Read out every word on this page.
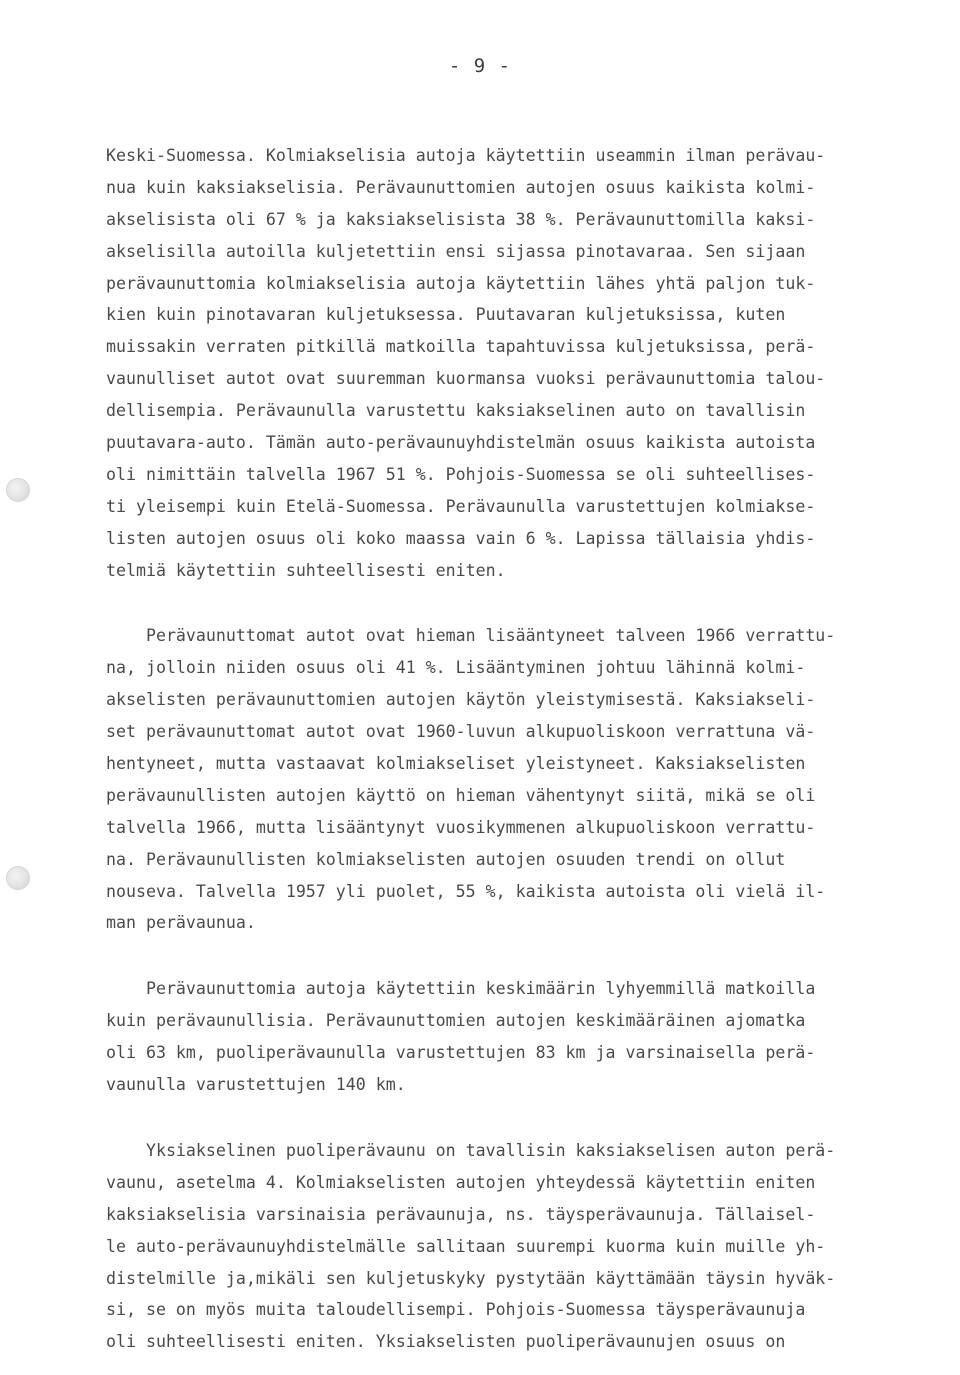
- 9 -
Keski-Suomessa. Kolmiakselisia autoja käytettiin useammin ilman perävau-
nua kuin kaksiakselisia. Perävaunuttomien autojen osuus kaikista kolmi-
akselisista oli 67 % ja kaksiakselisista 38 %. Perävaunuttomilla kaksi-
akselisilla autoilla kuljetettiin ensi sijassa pinotavaraa. Sen sijaan
perävaunuttomia kolmiakselisia autoja käytettiin lähes yhtä paljon tuk-
kien kuin pinotavaran kuljetuksessa. Puutavaran kuljetuksissa, kuten
muissakin verraten pitkillä matkoilla tapahtuvissa kuljetuksissa, perä-
vaunulliset autot ovat suuremman kuormansa vuoksi perävaunuttomia talou-
dellisempia. Perävaunulla varustettu kaksiakselinen auto on tavallisin
puutavara-auto. Tämän auto-perävaunuyhdistelmän osuus kaikista autoista
oli nimittäin talvella 1967 51 %. Pohjois-Suomessa se oli suhteellises-
ti yleisempi kuin Etelä-Suomessa. Perävaunulla varustettujen kolmiakse-
listen autojen osuus oli koko maassa vain 6 %. Lapissa tällaisia yhdis-
telmiä käytettiin suhteellisesti eniten.
Perävaunuttomat autot ovat hieman lisääntyneet talveen 1966 verrattu-
na, jolloin niiden osuus oli 41 %. Lisääntyminen johtuu lähinnä kolmi-
akselisten perävaunuttomien autojen käytön yleistymisestä. Kaksiakseli-
set perävaunuttomat autot ovat 1960-luvun alkupuoliskoon verrattuna vä-
hentyneet, mutta vastaavat kolmiakseliset yleistyneet. Kaksiakselisten
perävaunullisten autojen käyttö on hieman vähentynyt siitä, mikä se oli
talvella 1966, mutta lisääntynyt vuosikymmenen alkupuoliskoon verrattu-
na. Perävaunullisten kolmiakselisten autojen osuuden trendi on ollut
nouseva. Talvella 1957 yli puolet, 55 %, kaikista autoista oli vielä il-
man perävaunua.
Perävaunuttomia autoja käytettiin keskimäärin lyhyemmillä matkoilla
kuin perävaunullisia. Perävaunuttomien autojen keskimääräinen ajomatka
oli 63 km, puoliperävaunulla varustettujen 83 km ja varsinaisella perä-
vaunulla varustettujen 140 km.
Yksiakselinen puoliperävaunu on tavallisin kaksiakselisen auton perä-
vaunu, asetelma 4. Kolmiakselisten autojen yhteydessä käytettiin eniten
kaksiakselisia varsinaisia perävaunuja, ns. täysperävaunuja. Tällaisel-
le auto-perävaunuyhdistelmälle sallitaan suurempi kuorma kuin muille yh-
distelmille ja,mikäli sen kuljetuskyky pystytään käyttämään täysin hyväk-
si, se on myös muita taloudellisempi. Pohjois-Suomessa täysperävaunuja
oli suhteellisesti eniten. Yksiakselisten puoliperävaunujen osuus on
